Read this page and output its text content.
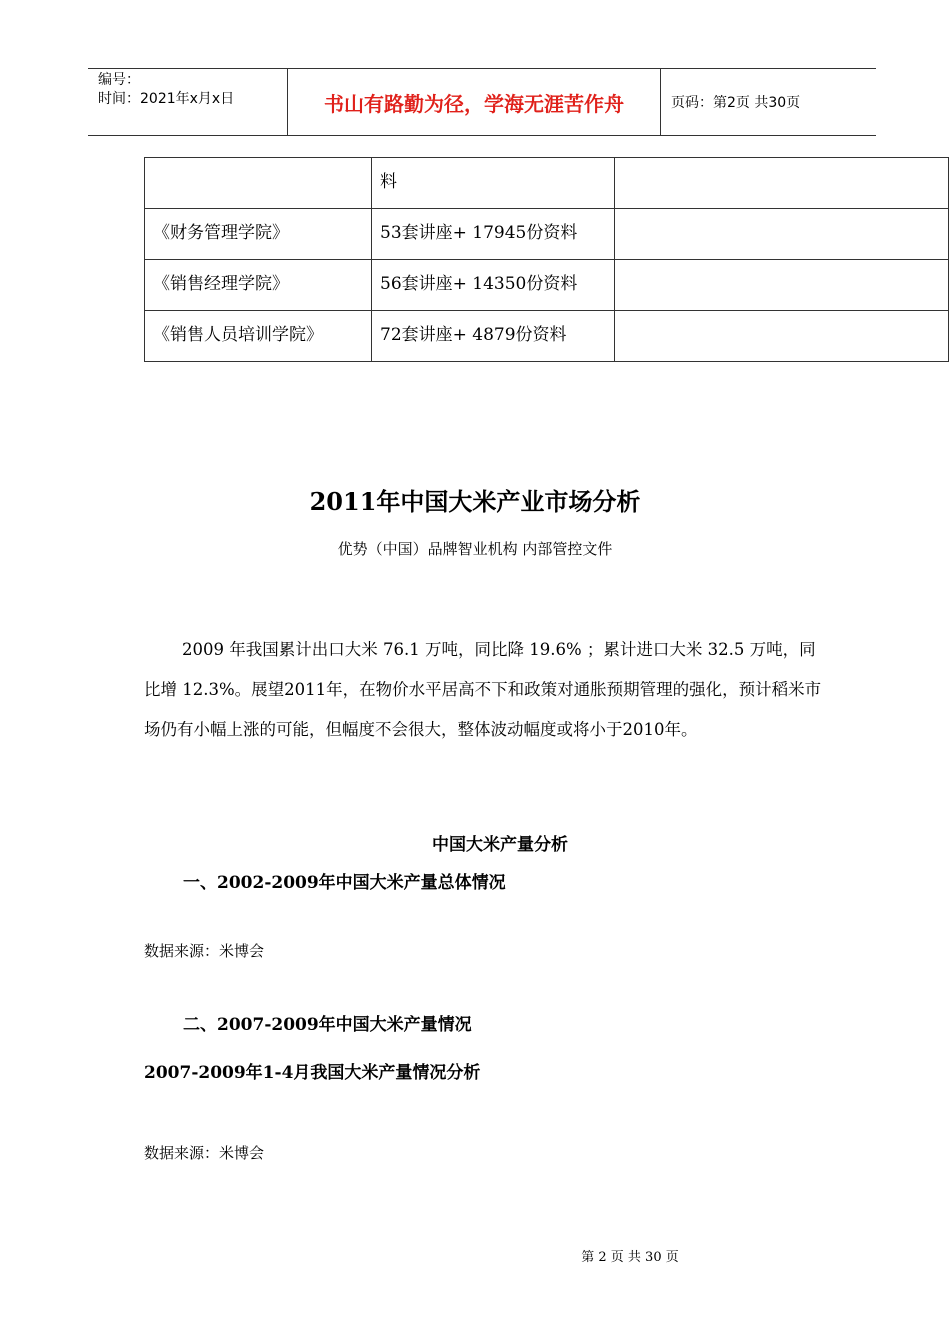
编号：
时间：2021年x月x日	书山有路勤为径，学海无涯苦作舟	页码：第2页 共30页
	料	
《财务管理学院》	53套讲座+ 17945份资料	
《销售经理学院》	56套讲座+ 14350份资料	
《销售人员培训学院》	72套讲座+ 4879份资料	
2011年中国大米产业市场分析
优势（中国）品牌智业机构 内部管控文件

2009 年我国累计出口大米 76.1 万吨，同比降 19.6% ；累计进口大米 32.5 万吨，同比增 12.3%。展望2011年，在物价水平居高不下和政策对通胀预期管理的强化，预计稻米市场仍有小幅上涨的可能，但幅度不会很大，整体波动幅度或将小于2010年。

中国大米产量分析
一、2002-2009年中国大米产量总体情况
数据来源：米博会
二、2007-2009年中国大米产量情况
2007-2009年1-4月我国大米产量情况分析
数据来源：米博会
第 2 页 共 30 页
